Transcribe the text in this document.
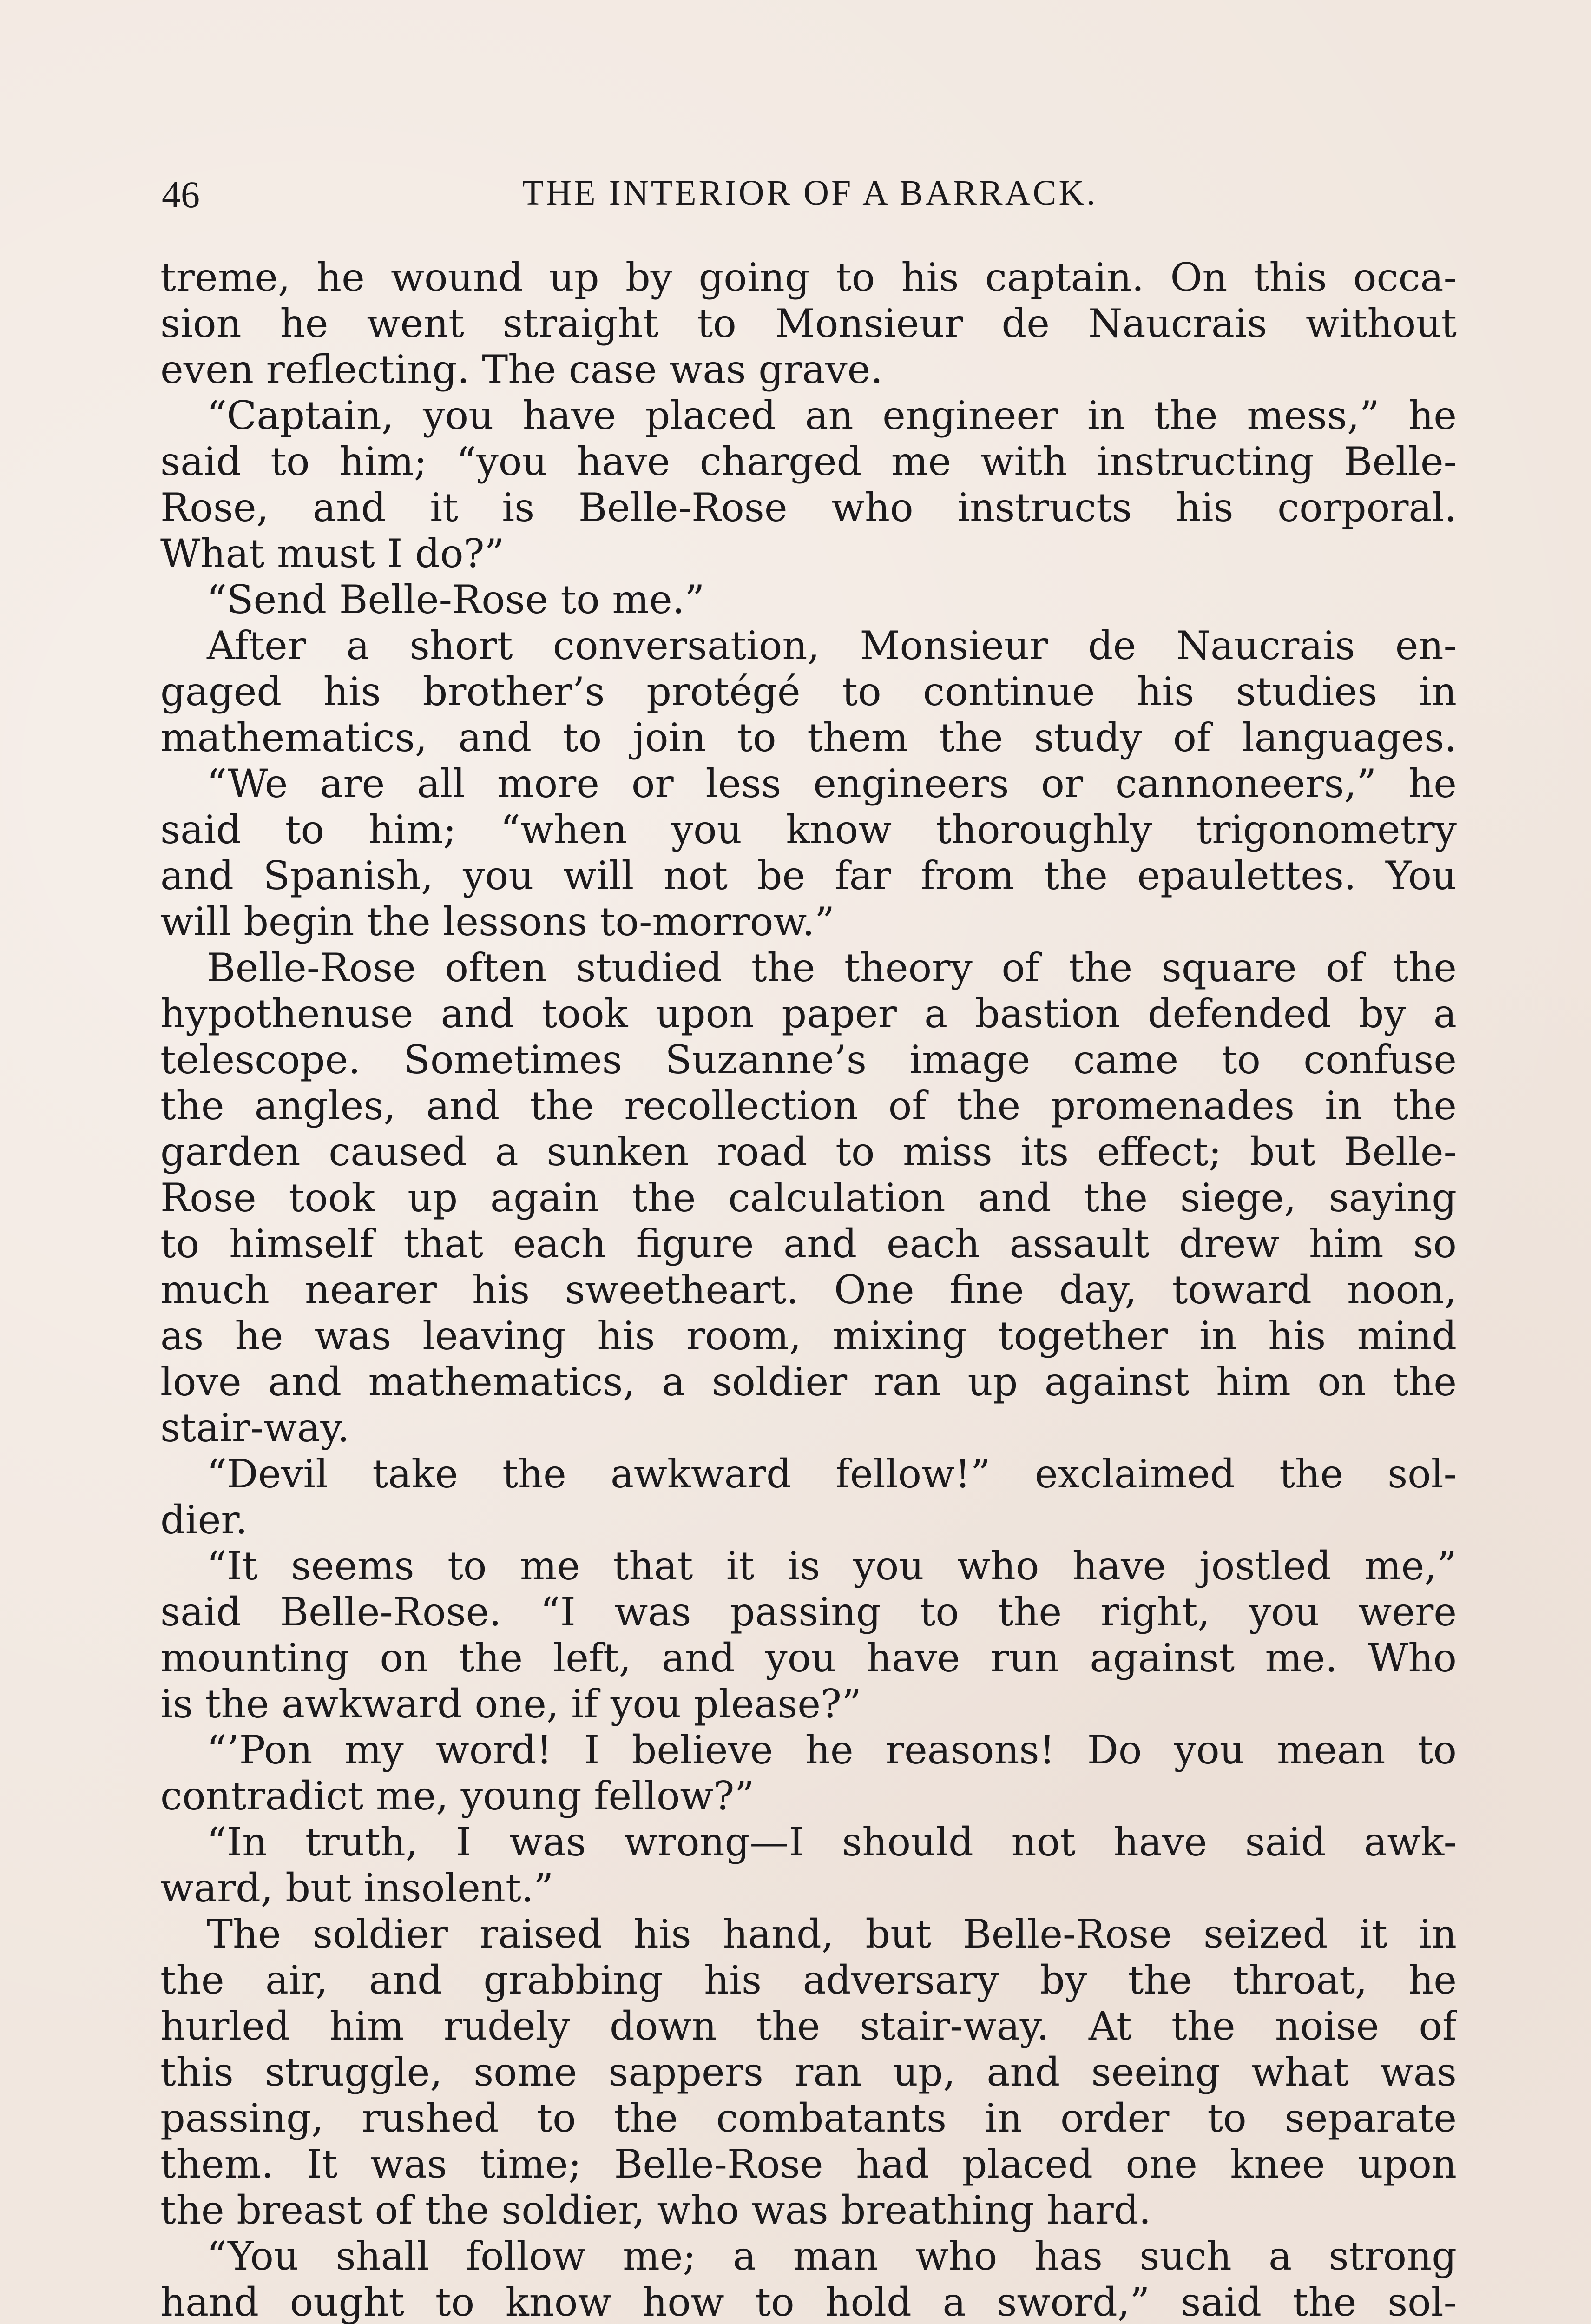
46	THE INTERIOR OF A BARRACK.
treme, he wound up by going to his captain. On this occa-
sion he went straight to Monsieur de Naucrais without
even reflecting. The case was grave.
“Captain, you have placed an engineer in the mess,” he
said to him; “you have charged me with instructing Belle-
Rose, and it is Belle-Rose who instructs his corporal.
What must I do?”
“Send Belle-Rose to me.”
After a short conversation, Monsieur de Naucrais en-
gaged his brother’s protégé to continue his studies in
mathematics, and to join to them the study of languages.
“We are all more or less engineers or cannoneers,” he
said to him; “when you know thoroughly trigonometry
and Spanish, you will not be far from the epaulettes. You
will begin the lessons to-morrow.”
Belle-Rose often studied the theory of the square of the
hypothenuse and took upon paper a bastion defended by a
telescope. Sometimes Suzanne’s image came to confuse
the angles, and the recollection of the promenades in the
garden caused a sunken road to miss its effect; but Belle-
Rose took up again the calculation and the siege, saying
to himself that each figure and each assault drew him so
much nearer his sweetheart. One fine day, toward noon,
as he was leaving his room, mixing together in his mind
love and mathematics, a soldier ran up against him on the
stair-way.
“Devil take the awkward fellow!” exclaimed the sol-
dier.
“It seems to me that it is you who have jostled me,”
said Belle-Rose. “I was passing to the right, you were
mounting on the left, and you have run against me. Who
is the awkward one, if you please?”
“’Pon my word! I believe he reasons! Do you mean to
contradict me, young fellow?”
“In truth, I was wrong—I should not have said awk-
ward, but insolent.”
The soldier raised his hand, but Belle-Rose seized it in
the air, and grabbing his adversary by the throat, he
hurled him rudely down the stair-way. At the noise of
this struggle, some sappers ran up, and seeing what was
passing, rushed to the combatants in order to separate
them. It was time; Belle-Rose had placed one knee upon
the breast of the soldier, who was breathing hard.
“You shall follow me; a man who has such a strong
hand ought to know how to hold a sword,” said the sol-
